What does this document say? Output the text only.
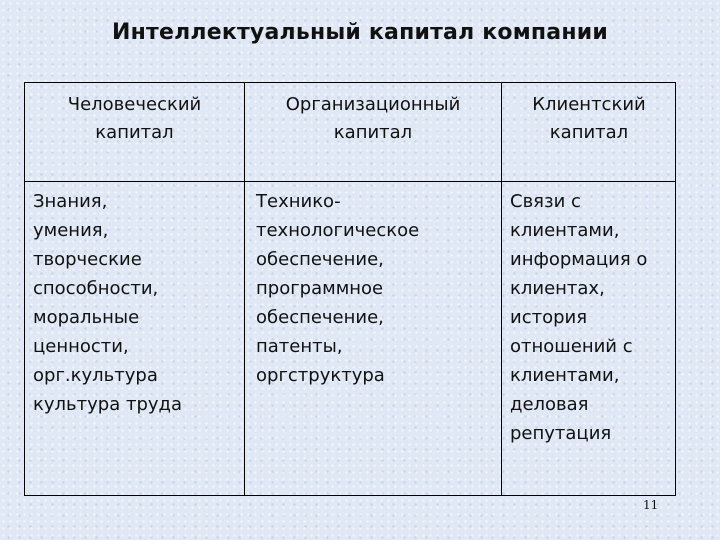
Интеллектуальный капитал компании
Человеческий
капитал
Организационный
капитал
Клиентский
капитал
Знания,
умения,
творческие
способности,
моральные
ценности,
орг.культура
культура труда
Технико-
технологическое
обеспечение,
программное
обеспечение,
патенты,
оргструктура
Связи с
клиентами,
информация о
клиентах,
история
отношений с
клиентами,
деловая
репутация
11
